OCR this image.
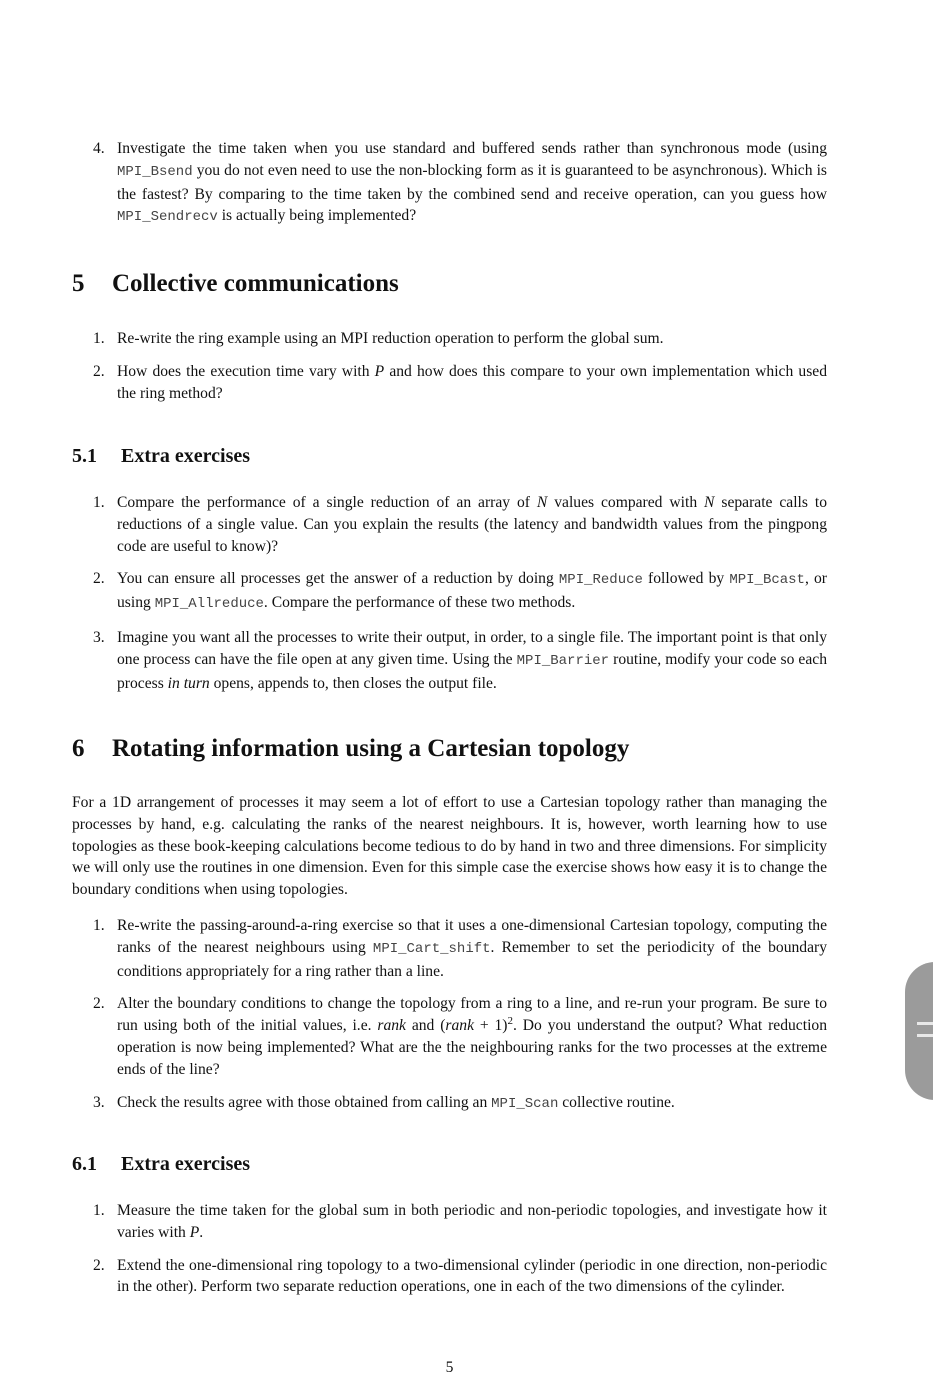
4. Investigate the time taken when you use standard and buffered sends rather than synchronous mode (using MPI_Bsend you do not even need to use the non-blocking form as it is guaranteed to be asynchronous). Which is the fastest? By comparing to the time taken by the combined send and receive operation, can you guess how MPI_Sendrecv is actually being implemented?
5 Collective communications
1. Re-write the ring example using an MPI reduction operation to perform the global sum.
2. How does the execution time vary with P and how does this compare to your own implementation which used the ring method?
5.1 Extra exercises
1. Compare the performance of a single reduction of an array of N values compared with N separate calls to reductions of a single value. Can you explain the results (the latency and bandwidth values from the pingpong code are useful to know)?
2. You can ensure all processes get the answer of a reduction by doing MPI_Reduce followed by MPI_Bcast, or using MPI_Allreduce. Compare the performance of these two methods.
3. Imagine you want all the processes to write their output, in order, to a single file. The important point is that only one process can have the file open at any given time. Using the MPI_Barrier routine, modify your code so each process in turn opens, appends to, then closes the output file.
6 Rotating information using a Cartesian topology

For a 1D arrangement of processes it may seem a lot of effort to use a Cartesian topology rather than managing the processes by hand, e.g. calculating the ranks of the nearest neighbours. It is, however, worth learning how to use topologies as these book-keeping calculations become tedious to do by hand in two and three dimensions. For simplicity we will only use the routines in one dimension. Even for this simple case the exercise shows how easy it is to change the boundary conditions when using topologies.

1. Re-write the passing-around-a-ring exercise so that it uses a one-dimensional Cartesian topology, computing the ranks of the nearest neighbours using MPI_Cart_shift. Remember to set the periodicity of the boundary conditions appropriately for a ring rather than a line.
2. Alter the boundary conditions to change the topology from a ring to a line, and re-run your program. Be sure to run using both of the initial values, i.e. rank and (rank + 1)$^2$. Do you understand the output? What reduction operation is now being implemented? What are the the neighbouring ranks for the two processes at the extreme ends of the line?
3. Check the results agree with those obtained from calling an MPI_Scan collective routine.
6.1 Extra exercises
1. Measure the time taken for the global sum in both periodic and non-periodic topologies, and investigate how it varies with P.
2. Extend the one-dimensional ring topology to a two-dimensional cylinder (periodic in one direction, non-periodic in the other). Perform two separate reduction operations, one in each of the two dimensions of the cylinder.
5
